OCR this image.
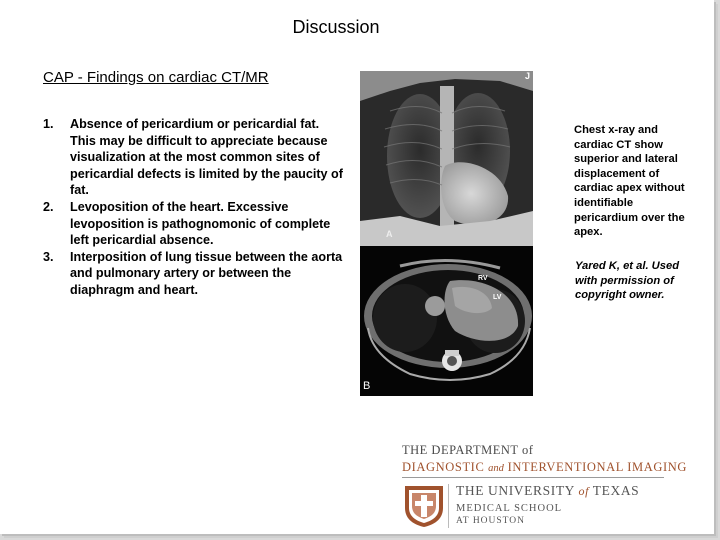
Discussion
CAP - Findings on cardiac CT/MR
1. Absence of pericardium or pericardial fat. This may be difficult to appreciate because visualization at the most common sites of pericardial defects is limited by the paucity of fat.
2. Levoposition of the heart. Excessive levoposition is pathognomonic of complete left pericardial absence.
3. Interposition of lung tissue between the aorta and pulmonary artery or between the diaphragm and heart.
A
J
RV
LV
B
Chest x-ray and cardiac CT show superior and lateral displacement of cardiac apex without identifiable pericardium over the apex.
Yared K, et al. Used with permission of copyright owner.
THE DEPARTMENT of
DIAGNOSTIC and INTERVENTIONAL IMAGING
THE UNIVERSITY of TEXAS
MEDICAL SCHOOL
AT HOUSTON
